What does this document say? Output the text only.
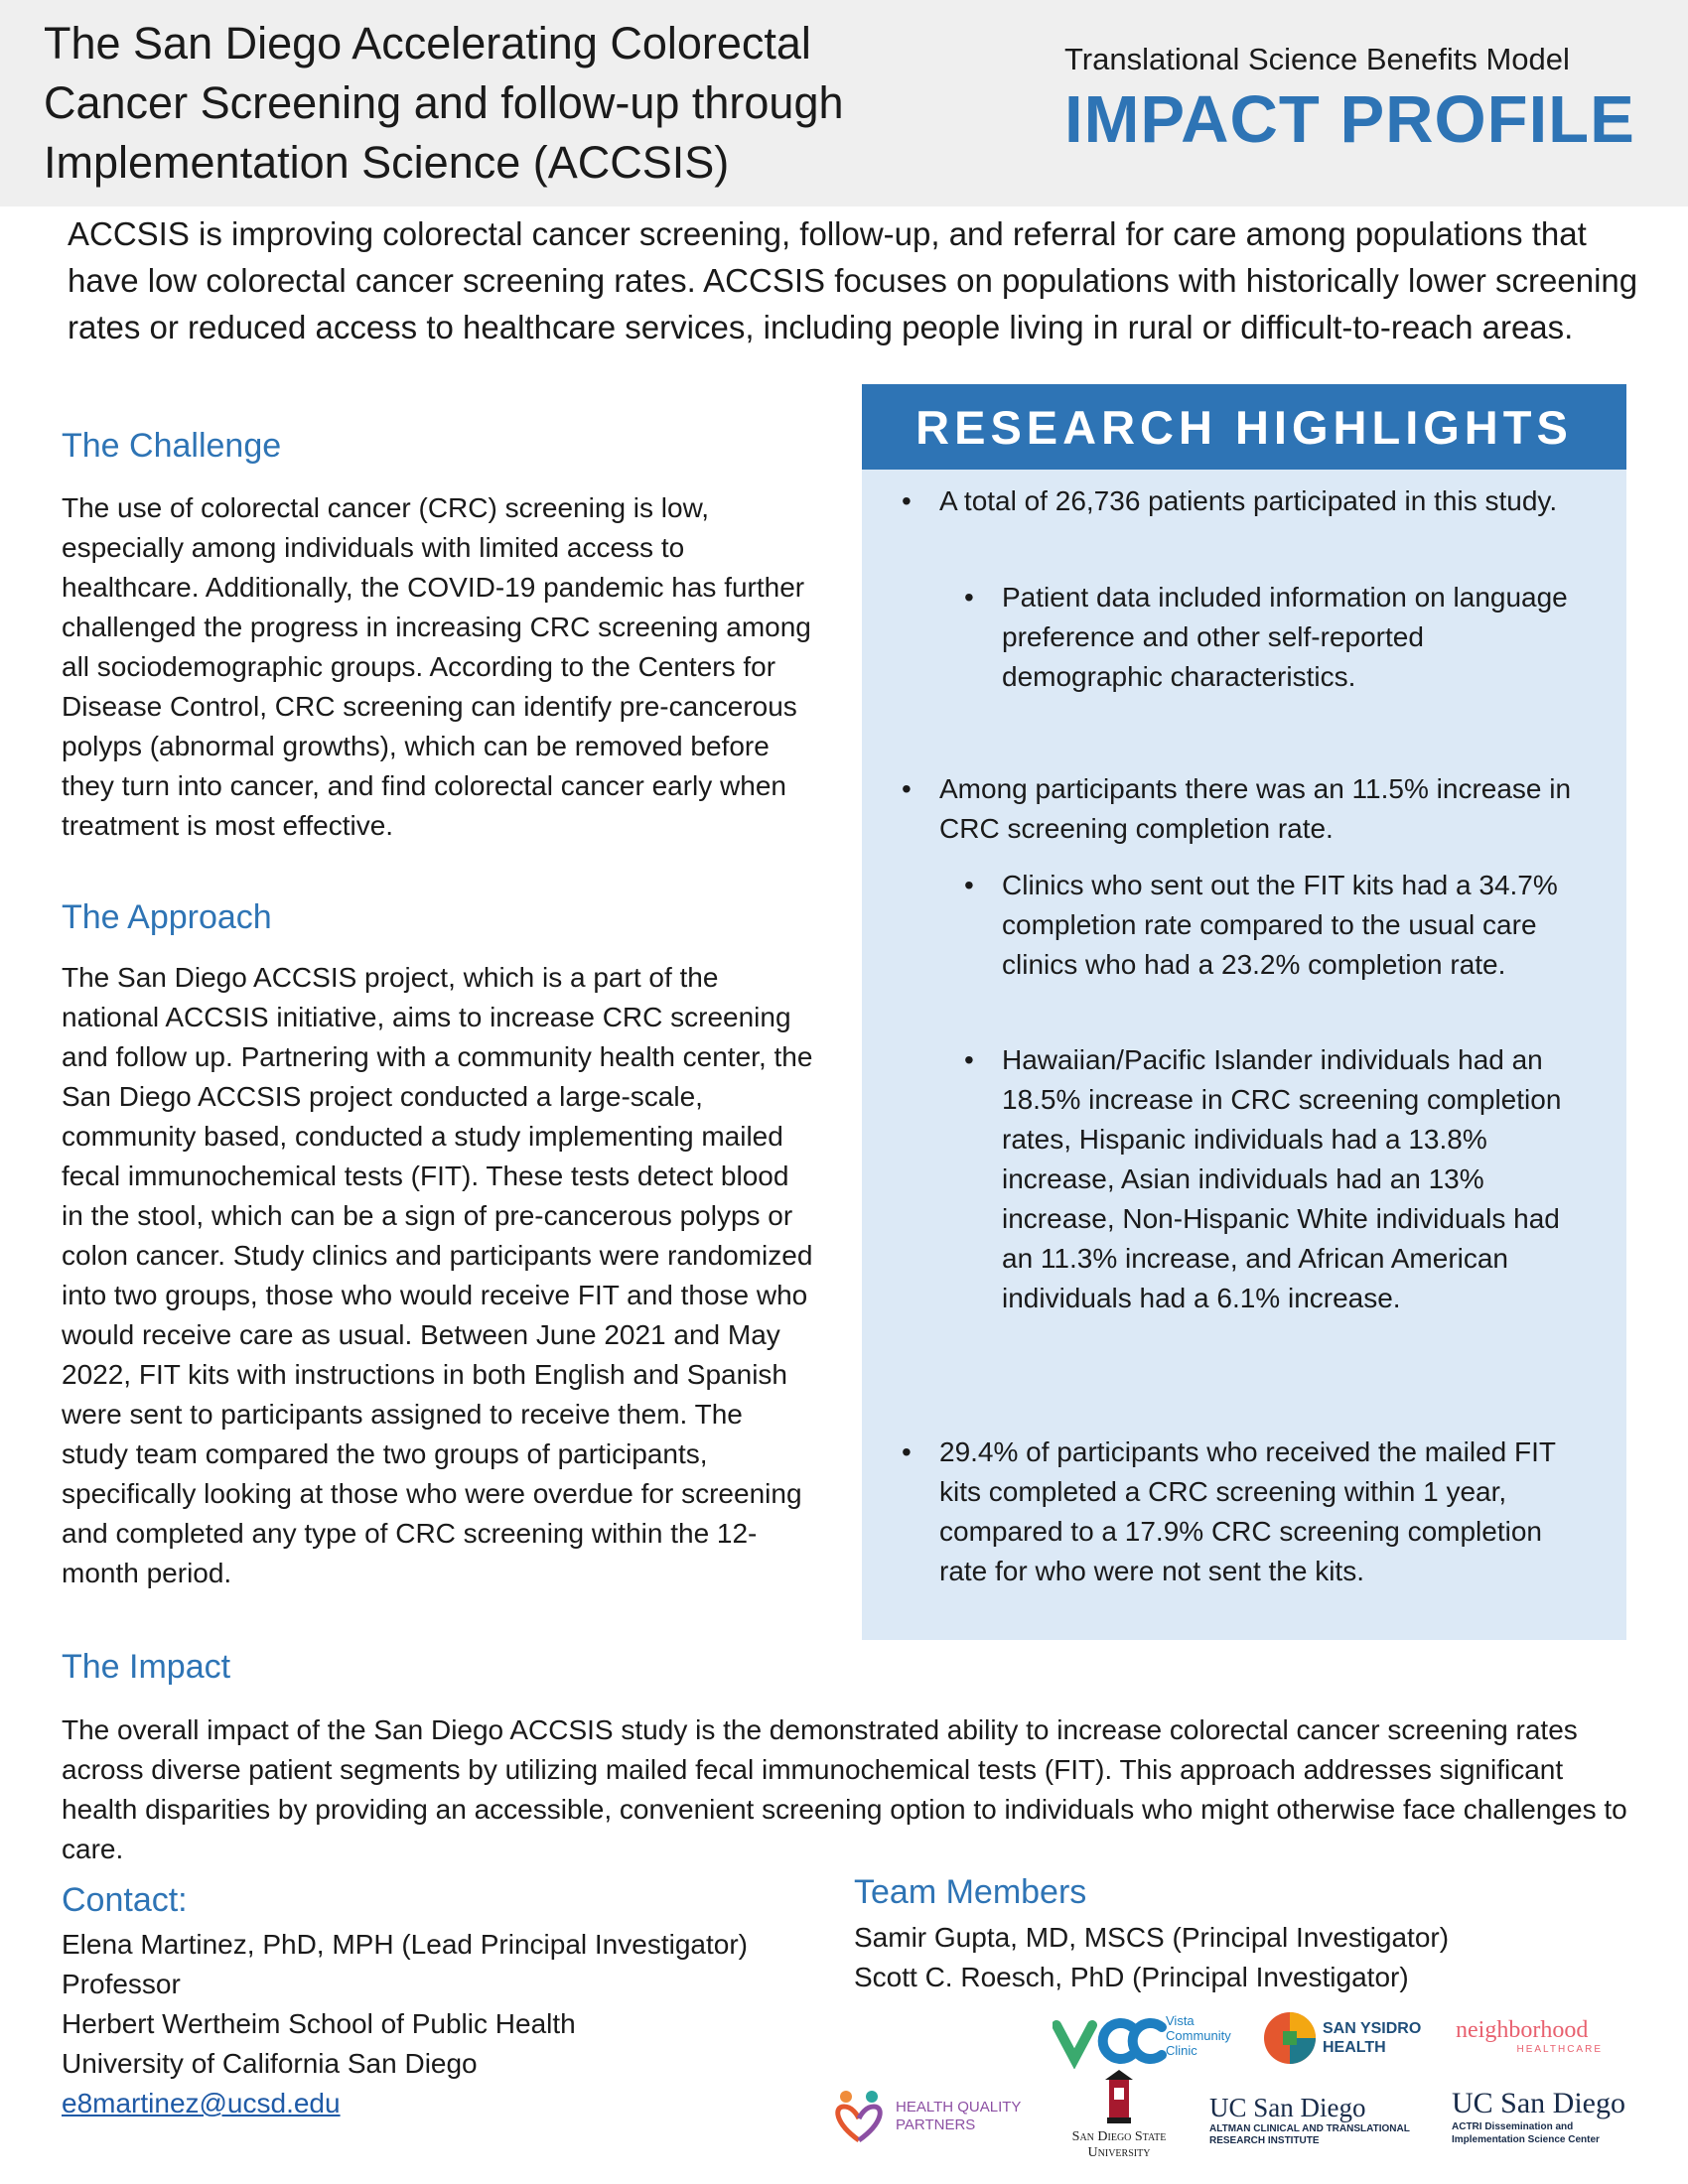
The San Diego Accelerating Colorectal
Cancer Screening and follow-up through
Implementation Science (ACCSIS)
Translational Science Benefits Model
IMPACT PROFILE
ACCSIS is improving colorectal cancer screening, follow-up, and referral for care among populations that have low colorectal cancer screening rates. ACCSIS focuses on populations with historically lower screening rates or reduced access to healthcare services, including people living in rural or difficult-to-reach areas.
The Challenge
The use of colorectal cancer (CRC) screening is low, especially among individuals with limited access to healthcare. Additionally, the COVID-19 pandemic has further challenged the progress in increasing CRC screening among all sociodemographic groups. According to the Centers for Disease Control, CRC screening can identify pre-cancerous polyps (abnormal growths), which can be removed before they turn into cancer, and find colorectal cancer early when treatment is most effective.
The Approach
The San Diego ACCSIS project, which is a part of the national ACCSIS initiative, aims to increase CRC screening and follow up. Partnering with a community health center, the San Diego ACCSIS project conducted a large-scale, community based, conducted a study implementing mailed fecal immunochemical tests (FIT). These tests detect blood in the stool, which can be a sign of pre-cancerous polyps or colon cancer. Study clinics and participants were randomized into two groups, those who would receive FIT and those who would receive care as usual. Between June 2021 and May 2022, FIT kits with instructions in both English and Spanish were sent to participants assigned to receive them. The study team compared the two groups of participants, specifically looking at those who were overdue for screening and completed any type of CRC screening within the 12-month period.
RESEARCH HIGHLIGHTS
• A total of 26,736 patients participated in this study.
• Patient data included information on language preference and other self-reported demographic characteristics.
• Among participants there was an 11.5% increase in CRC screening completion rate.
• Clinics who sent out the FIT kits had a 34.7% completion rate compared to the usual care clinics who had a 23.2% completion rate.
• Hawaiian/Pacific Islander individuals had an 18.5% increase in CRC screening completion rates, Hispanic individuals had a 13.8% increase, Asian individuals had an 13% increase, Non-Hispanic White individuals had an 11.3% increase, and African American individuals had a 6.1% increase.
• 29.4% of participants who received the mailed FIT kits completed a CRC screening within 1 year, compared to a 17.9% CRC screening completion rate for who were not sent the kits.
The Impact
The overall impact of the San Diego ACCSIS study is the demonstrated ability to increase colorectal cancer screening rates across diverse patient segments by utilizing mailed fecal immunochemical tests (FIT). This approach addresses significant health disparities by providing an accessible, convenient screening option to individuals who might otherwise face challenges to care.
Contact:
Elena Martinez, PhD, MPH (Lead Principal Investigator)
Professor
Herbert Wertheim School of Public Health
University of California San Diego
e8martinez@ucsd.edu
Team Members
Samir Gupta, MD, MSCS (Principal Investigator)
Scott C. Roesch, PhD (Principal Investigator)
Vista
Community
Clinic
SAN YSIDRO
HEALTH
neighborhood
HEALTHCARE
HEALTH QUALITY
PARTNERS
San Diego State
University
UC San Diego
ALTMAN CLINICAL AND TRANSLATIONAL
RESEARCH INSTITUTE
UC San Diego
ACTRI Dissemination and
Implementation Science Center
